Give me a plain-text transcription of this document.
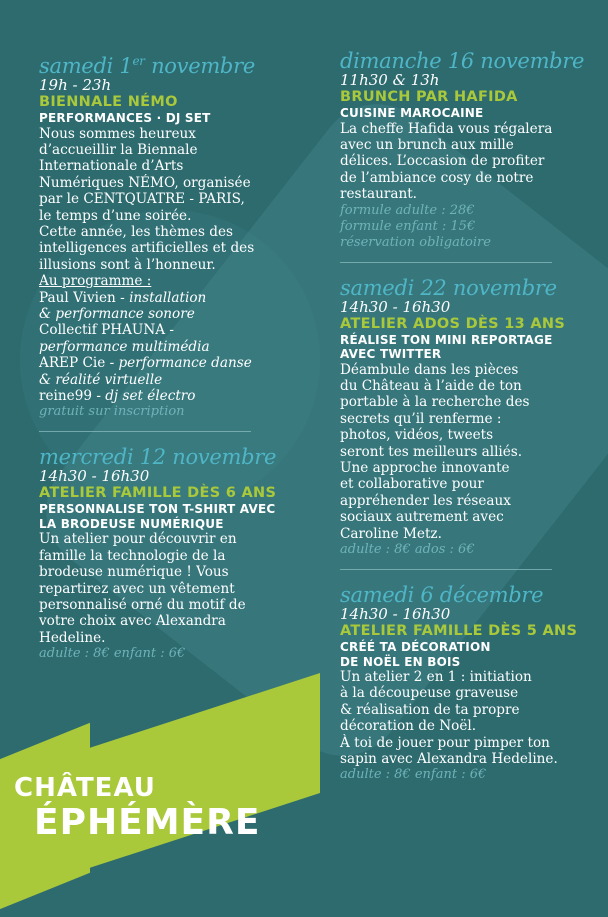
samedi 1er novembre
19h - 23h
BIENNALE NÉMO
PERFORMANCES · DJ SET

Nous sommes heureux

d’accueillir la Biennale

Internationale d’Arts

Numériques NÉMO, organisée

par le CENTQUATRE - PARIS,

le temps d’une soirée.

Cette année, les thèmes des

intelligences artificielles et des

illusions sont à l’honneur.

Au programme :

Paul Vivien - installation

& performance sonore

Collectif PHAUNA -

performance multimédia

AREP Cie - performance danse

& réalité virtuelle

reine99 - dj set électro

gratuit sur inscription
mercredi 12 novembre
14h30 - 16h30
ATELIER FAMILLE DÈS 6 ANS
PERSONNALISE TON T-SHIRT AVEC
LA BRODEUSE NUMÉRIQUE

Un atelier pour découvrir en

famille la technologie de la

brodeuse numérique ! Vous

repartirez avec un vêtement

personnalisé orné du motif de

votre choix avec Alexandra

Hedeline.

adulte : 8€ enfant : 6€
dimanche 16 novembre
11h30 & 13h
BRUNCH PAR HAFIDA
CUISINE MAROCAINE

La cheffe Hafida vous régalera

avec un brunch aux mille

délices. L’occasion de profiter

de l’ambiance cosy de notre

restaurant.

formule adulte : 28€
formule enfant : 15€
réservation obligatoire
samedi 22 novembre
14h30 - 16h30
ATELIER ADOS DÈS 13 ANS
RÉALISE TON MINI REPORTAGE
AVEC TWITTER

Déambule dans les pièces

du Château à l’aide de ton

portable à la recherche des

secrets qu’il renferme :

photos, vidéos, tweets

seront tes meilleurs alliés.

Une approche innovante

et collaborative pour

appréhender les réseaux

sociaux autrement avec

Caroline Metz.

adulte : 8€ ados : 6€
samedi 6 décembre
14h30 - 16h30
ATELIER FAMILLE DÈS 5 ANS
CRÉÉ TA DÉCORATION
DE NOËL EN BOIS

Un atelier 2 en 1 : initiation

à la découpeuse graveuse

& réalisation de ta propre

décoration de Noël.

À toi de jouer pour pimper ton

sapin avec Alexandra Hedeline.

adulte : 8€ enfant : 6€
CHÂTEAU
ÉPHÉMÈRE
